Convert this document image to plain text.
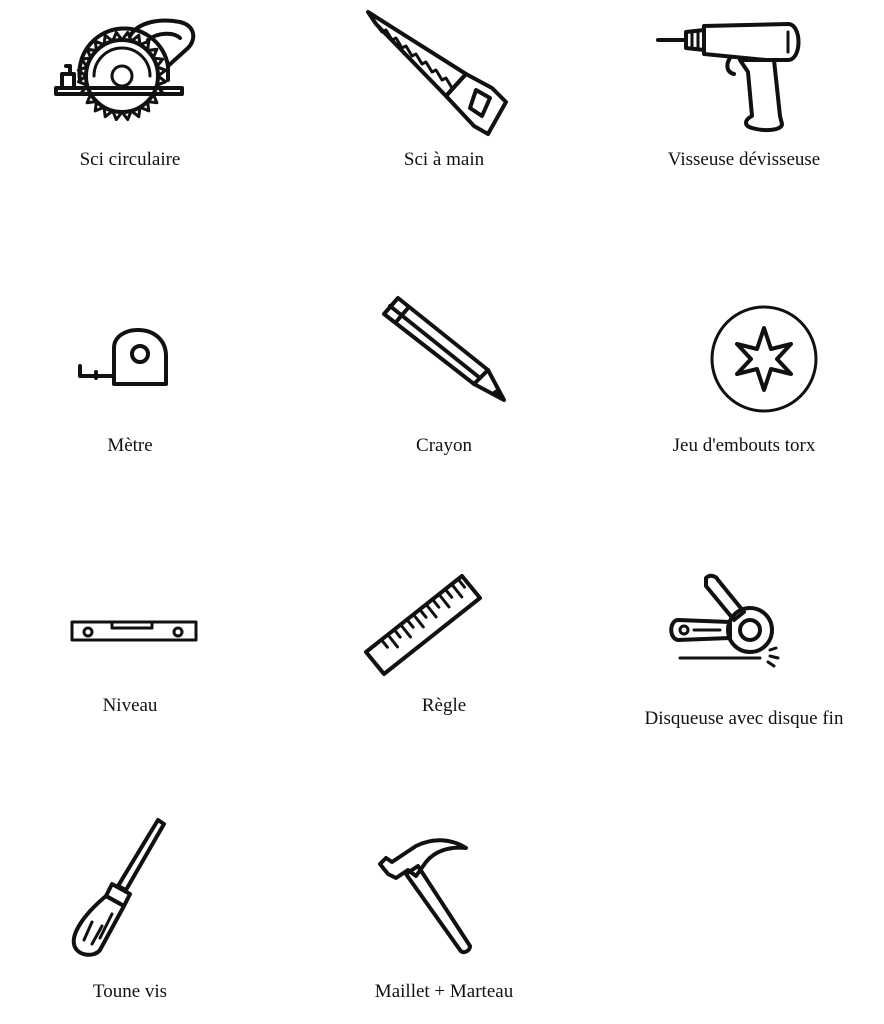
Sci circulaire	Sci à main	Visseuse dévisseuse
Mètre	Crayon	Jeu d'embouts torx
Niveau	Règle
Disqueuse avec disque fin
Toune vis	Maillet + Marteau
